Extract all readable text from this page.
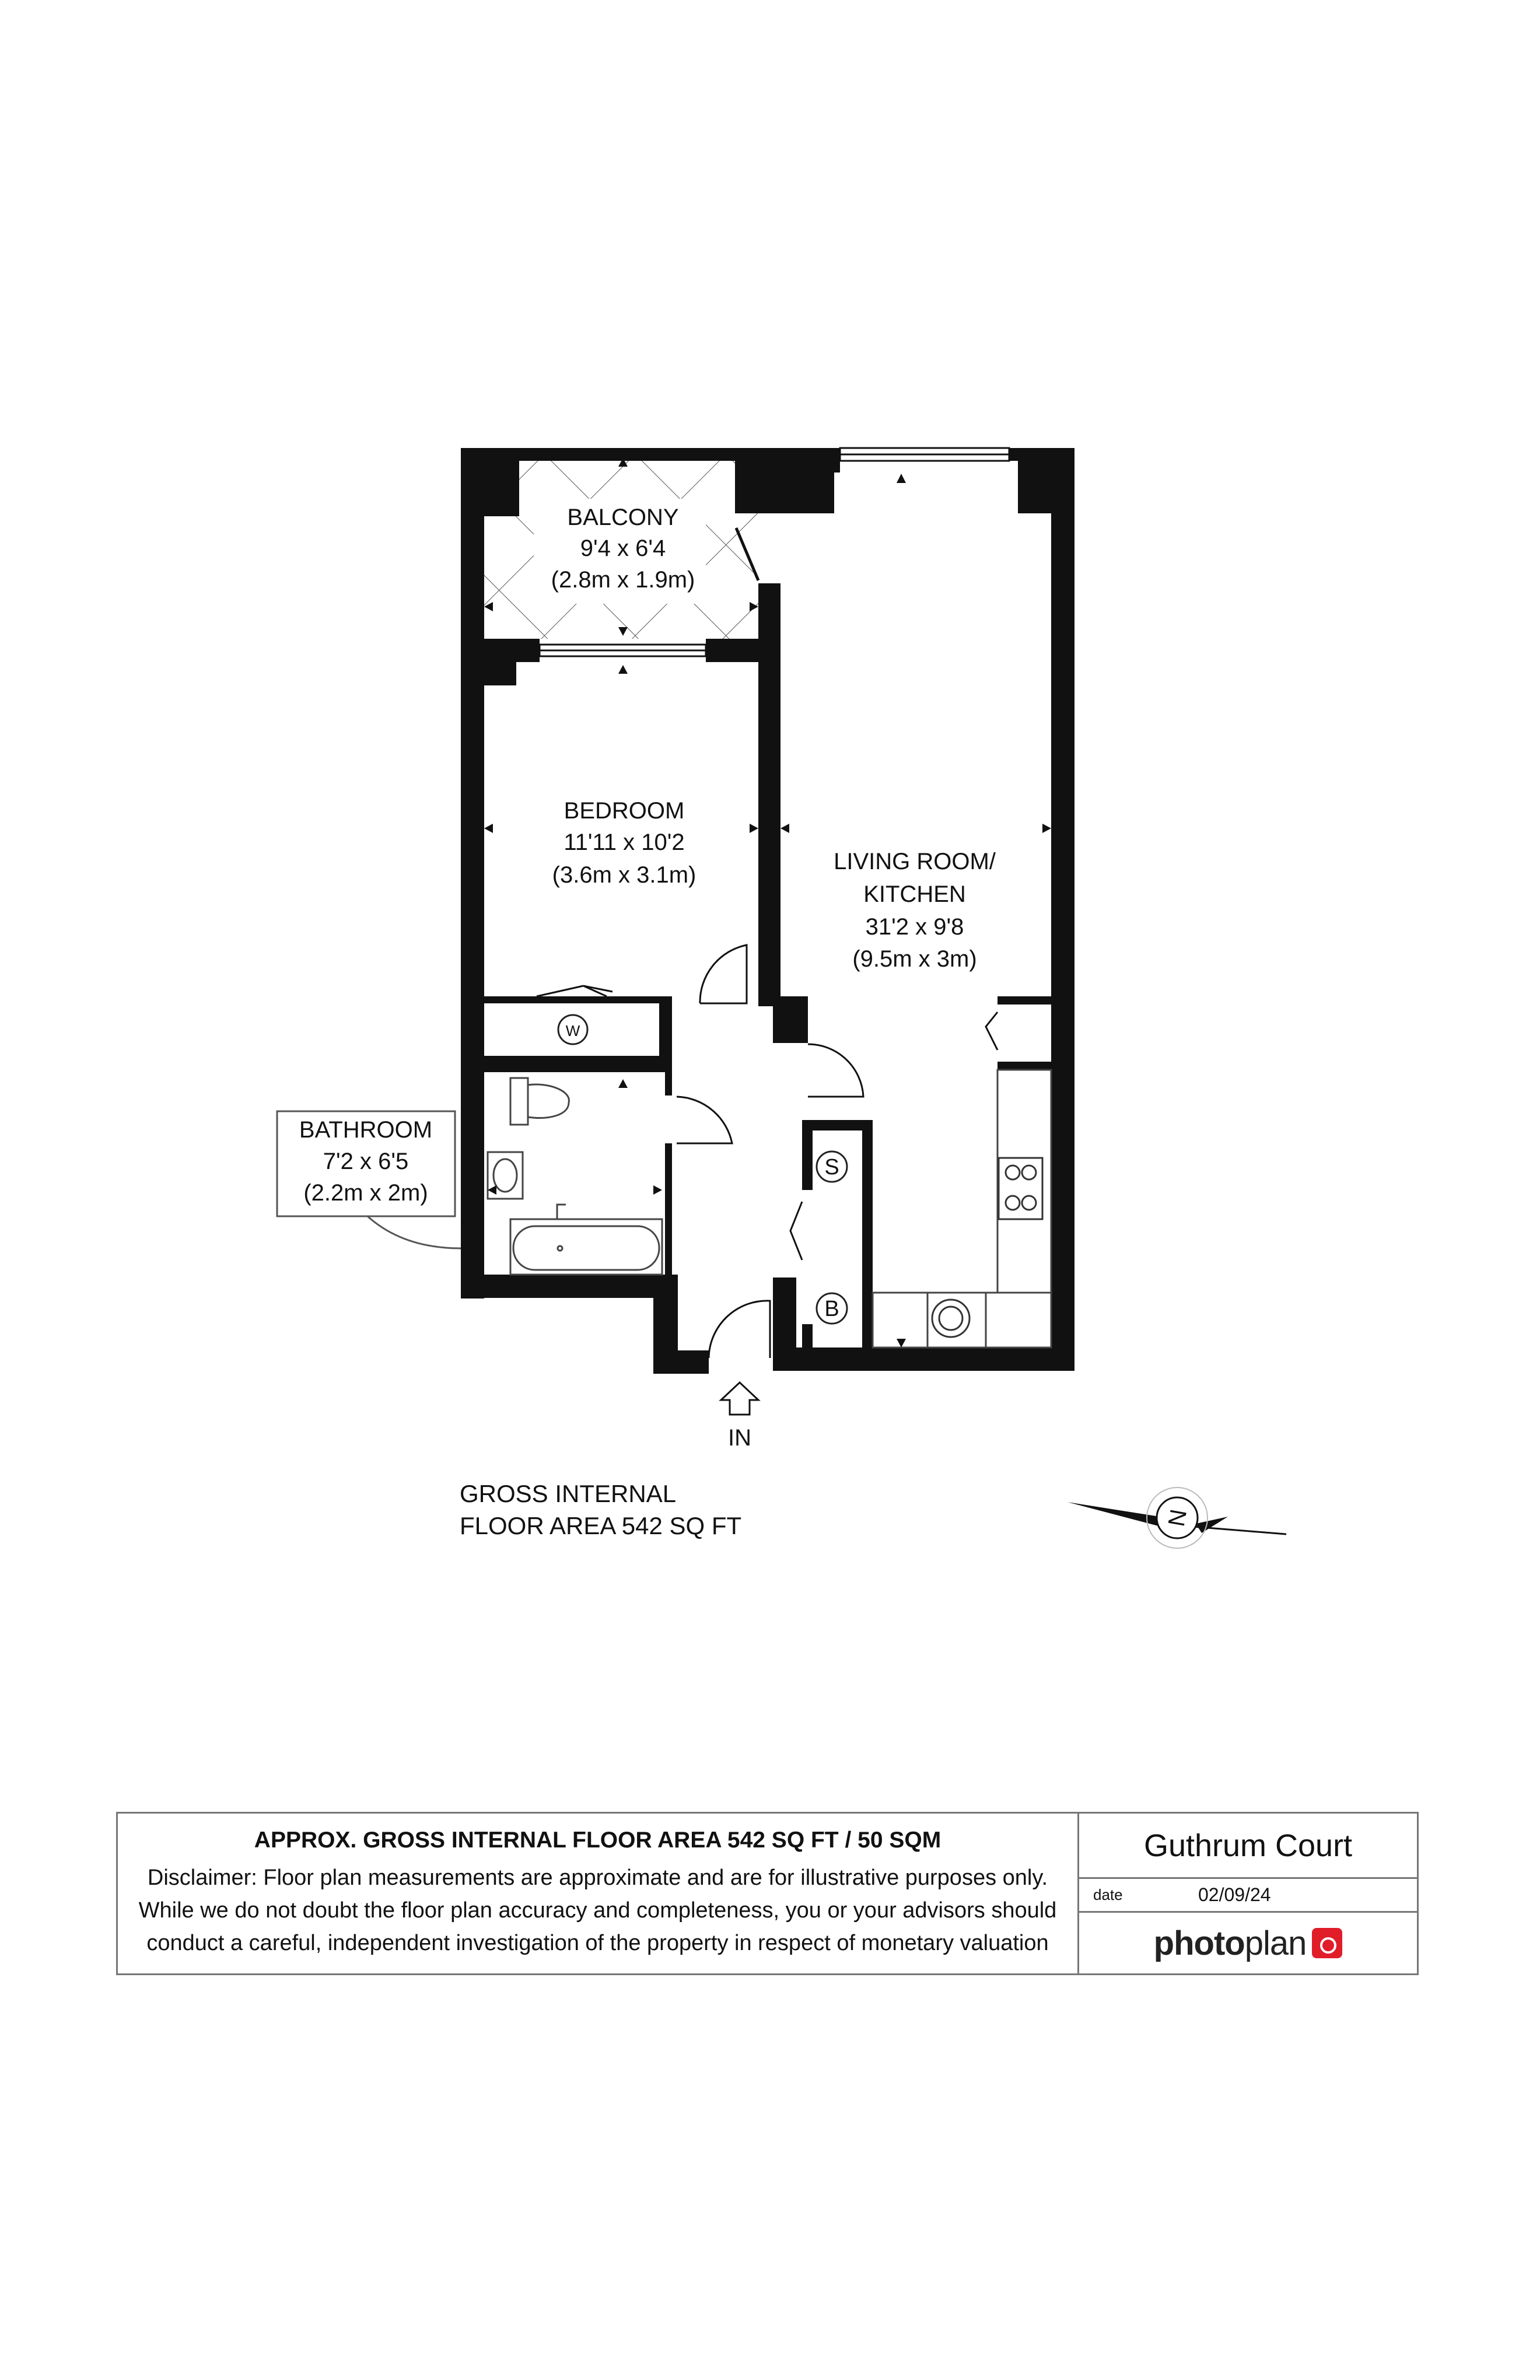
BALCONY
9'4 x 6'4
(2.8m x 1.9m)
BEDROOM
11'11 x 10'2
(3.6m x 3.1m)
LIVING ROOM/
KITCHEN
31'2 x 9'8
(9.5m x 3m)
BATHROOM
7'2 x 6'5
(2.2m x 2m)
W
S
B
IN
GROSS INTERNAL
FLOOR AREA 542 SQ FT	N
APPROX. GROSS INTERNAL FLOOR AREA 542 SQ FT / 50 SQM
Disclaimer: Floor plan measurements are approximate and are for illustrative purposes only.
While we do not doubt the floor plan accuracy and completeness, you or your advisors should
conduct a careful, independent investigation of the property in respect of monetary valuation
Guthrum Court
date	02/09/24
photo plan
